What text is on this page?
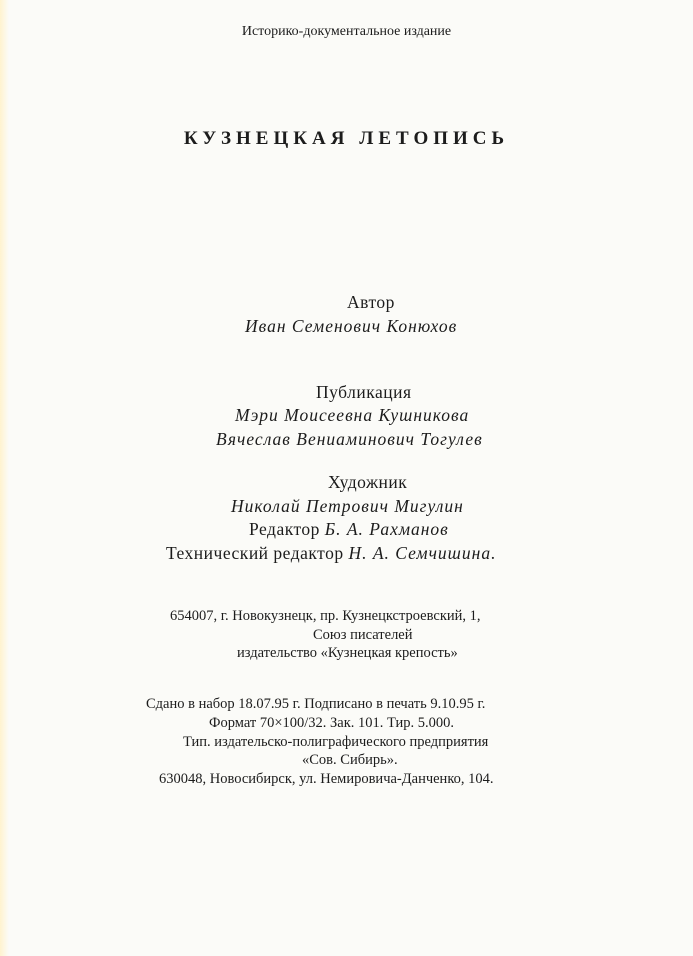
Историко-документальное издание
КУЗНЕЦКАЯ ЛЕТОПИСЬ
Автор
Иван Семенович Конюхов
Публикация
Мэри Моисеевна Кушникова
Вячеслав Вениаминович Тогулев
Художник
Николай Петрович Мигулин
Редактор Б. А. Рахманов
Технический редактор Н. А. Семчишина.
654007, г. Новокузнецк, пр. Кузнецкстроевский, 1,
Союз писателей
издательство «Кузнецкая крепость»
Сдано в набор 18.07.95 г. Подписано в печать 9.10.95 г.
Формат 70×100/32. Зак. 101. Тир. 5.000.
Тип. издательско-полиграфического предприятия
«Сов. Сибирь».
630048, Новосибирск, ул. Немировича-Данченко, 104.
